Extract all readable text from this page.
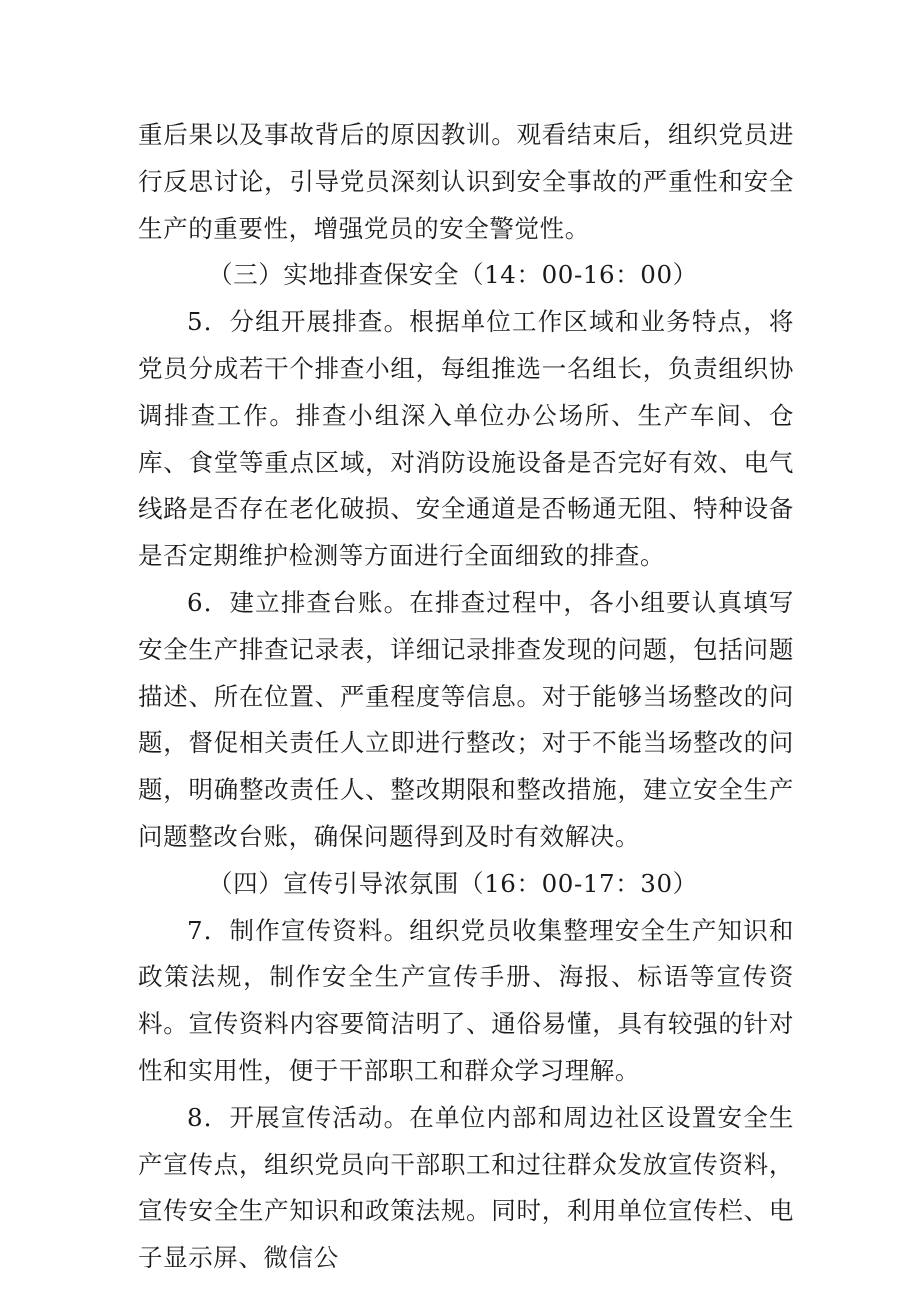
重后果以及事故背后的原因教训。观看结束后，组织党员进行反思讨论，引导党员深刻认识到安全事故的严重性和安全生产的重要性，增强党员的安全警觉性。

（三）实地排查保安全（14：00-16：00）

5．分组开展排查。根据单位工作区域和业务特点，将党员分成若干个排查小组，每组推选一名组长，负责组织协调排查工作。排查小组深入单位办公场所、生产车间、仓库、食堂等重点区域，对消防设施设备是否完好有效、电气线路是否存在老化破损、安全通道是否畅通无阻、特种设备是否定期维护检测等方面进行全面细致的排查。

6．建立排查台账。在排查过程中，各小组要认真填写安全生产排查记录表，详细记录排查发现的问题，包括问题描述、所在位置、严重程度等信息。对于能够当场整改的问题，督促相关责任人立即进行整改；对于不能当场整改的问题，明确整改责任人、整改期限和整改措施，建立安全生产问题整改台账，确保问题得到及时有效解决。

（四）宣传引导浓氛围（16：00-17：30）

7．制作宣传资料。组织党员收集整理安全生产知识和政策法规，制作安全生产宣传手册、海报、标语等宣传资料。宣传资料内容要简洁明了、通俗易懂，具有较强的针对性和实用性，便于干部职工和群众学习理解。

8．开展宣传活动。在单位内部和周边社区设置安全生产宣传点，组织党员向干部职工和过往群众发放宣传资料，宣传安全生产知识和政策法规。同时，利用单位宣传栏、电子显示屏、微信公
